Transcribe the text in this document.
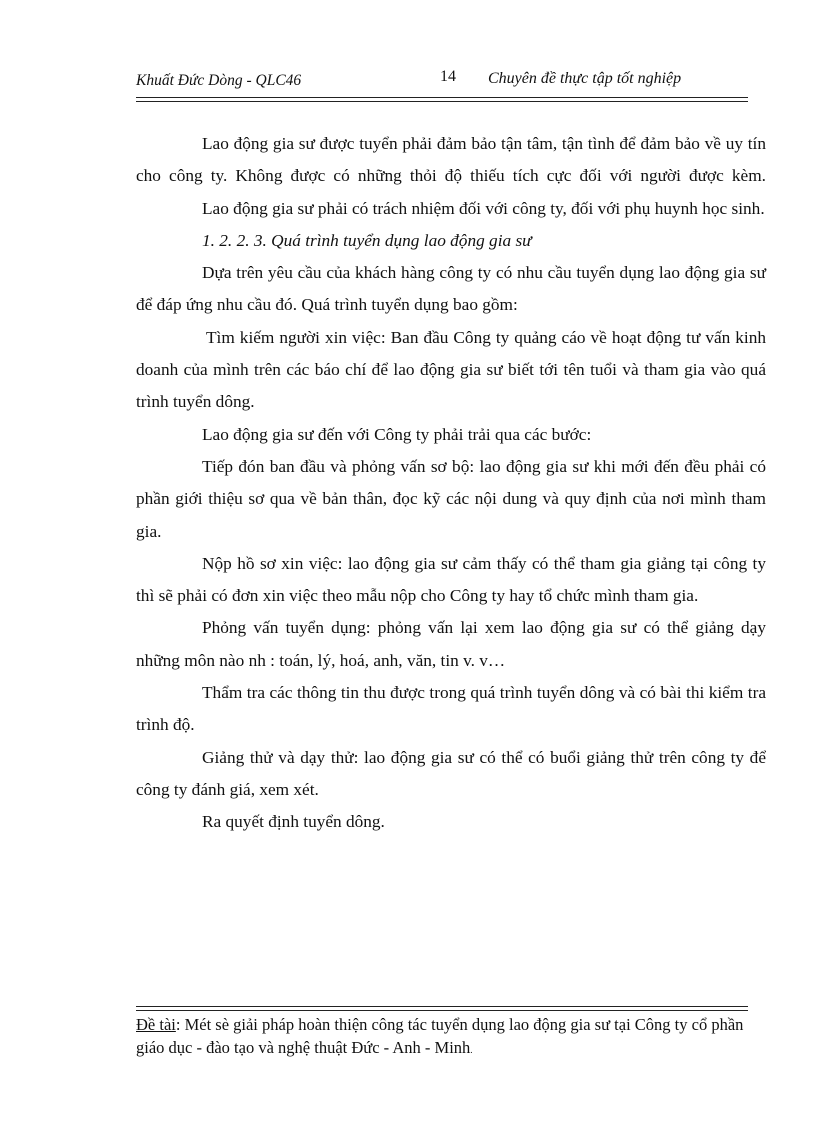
Khuất Đức Dòng - QLC46	14 Chuyên đề thực tập tốt nghiệp

Lao động gia sư được tuyển phải đảm bảo tận tâm, tận tình để đảm bảo về uy tín cho công ty. Không được có những thỏi độ thiếu tích cực đối với người được kèm.

Lao động gia sư phải có trách nhiệm đối với công ty, đối với phụ huynh học sinh.

1. 2. 2. 3. Quá trình tuyển dụng lao động gia sư

Dựa trên yêu cầu của khách hàng công ty có nhu cầu tuyển dụng lao động gia sư để đáp ứng nhu cầu đó. Quá trình tuyển dụng bao gồm:

Tìm kiếm người xin việc: Ban đầu Công ty quảng cáo về hoạt động tư vấn kinh doanh của mình trên các báo chí để lao động gia sư biết tới tên tuổi và tham gia vào quá trình tuyển dông.

Lao động gia sư đến với Công ty phải trải qua các bước:

Tiếp đón ban đầu và phỏng vấn sơ bộ: lao động gia sư khi mới đến đều phải có phần giới thiệu sơ qua về bản thân, đọc kỹ các nội dung và quy định của nơi mình tham gia.

Nộp hồ sơ xin việc: lao động gia sư cảm thấy có thể tham gia giảng tại công ty thì sẽ phải có đơn xin việc theo mẫu nộp cho Công ty hay tổ chức mình tham gia.

Phỏng vấn tuyển dụng: phỏng vấn lại xem lao động gia sư có thể giảng dạy những môn nào nh : toán, lý, hoá, anh, văn, tin v. v…

Thẩm tra các thông tin thu được trong quá trình tuyển dông và có bài thi kiểm tra trình độ.

Giảng thử và dạy thử: lao động gia sư có thể có buổi giảng thử trên công ty để công ty đánh giá, xem xét.

Ra quyết định tuyển dông.

Đề tài: Mét sè giải pháp hoàn thiện công tác tuyển dụng lao động gia sư tại Công ty cổ phần giáo dục - đào tạo và nghệ thuật Đức - Anh - Minh.
